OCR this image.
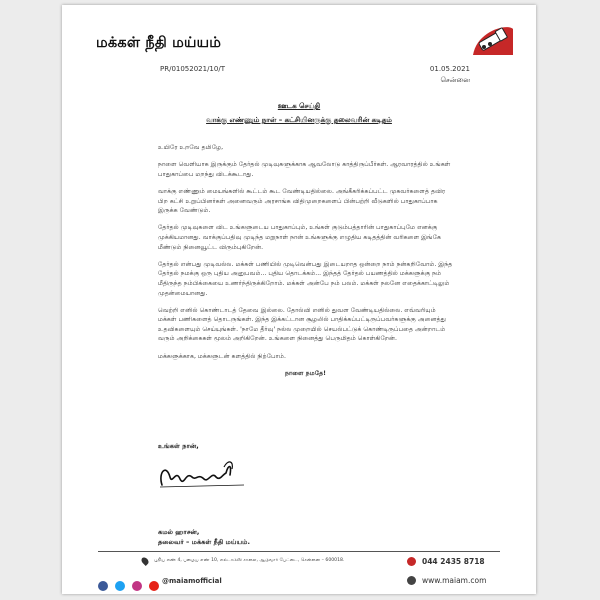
மக்கள் நீதி மய்யம்
PR/01052021/10/T	01.05.2021
சென்னை
ஊடக செய்தி
வாக்கு எண்ணும் நாள் – கட்சியினருக்கு தலைவரின் கடிதம்

உயிரே உறவே தமிழே,

நாளை வெளியாக இருக்கும் தேர்தல் முடிவுகளுக்காக ஆவலோடு காத்திருப்பீர்கள். ஆரவாரத்தில் உங்கள் பாதுகாப்பை மறந்து விடக்கூடாது.

வாக்கு எண்ணும் மையங்களில் கூட்டம் கூட வேண்டியதில்லை. அங்கீகரிக்கப்பட்ட முகவர்களைத் தவிர பிற கட்சி உறுப்பினர்கள் அனைவரும் அரசாங்க விதிமுறைகளைப் பின்பற்றி வீடுகளில் பாதுகாப்பாக இருக்க வேண்டும்.

தேர்தல் முடிவுகளை விட உங்களுடைய பாதுகாப்பும், உங்கள் குடும்பத்தாரின் பாதுகாப்புமே எனக்கு முக்கியமானது. வாக்குப்பதிவு முடிந்த மறுநாள் நான் உங்களுக்கு எழுதிய கடிதத்தின் வரிகளை இங்கே மீண்டும் நினைவூட்ட விரும்புகிறேன்.

தேர்தல் என்பது முடிவல்ல. மக்கள் பணியில் முடிவென்பது இடையறாத ஒன்றை நாம் நன்கறிவோம். இந்த தேர்தல் நமக்கு ஒரு புதிய அனுபவம்... புதிய தொடக்கம்... இந்தத் தேர்தல் பயணத்தில் மக்களுக்கு நம் மீதிருந்த நம்பிக்கையை உணர்ந்திருக்கிறோம். மக்கள் அன்பே நம் பலம். மக்கள் நலனே எதைக்காட்டிலும் முதன்மையானது.

வெற்றி எனில் கொண்டாடத் தேவை இல்லை. தோல்வி எனில் துவள வேண்டியதில்லை. எவ்வரியும் மக்கள் பணிகளைத் தொடருங்கள். இந்த இக்கட்டான சூழலில் பாதிக்கப்பட்டிருப்பவர்களுக்கு அனைத்து உதவிகளையும் செய்யுங்கள். 'நாமே தீர்வு' நல்ல முறையில் செயல்பட்டுக் கொண்டிருப்பதை அன்றாடம் வரும் அறிக்கைகள் மூலம் அறிகிறேன். உங்களை நினைத்து பெருமிதம் கொள்கிறேன்.

மக்களுக்காக, மக்களுடன் களத்தில் நிற்போம்.

நாளை நமதே!

உங்கள் நான்,
கமல் ஹாசன்,
தலைவர் – மக்கள் நீதி மய்யம்.
புதிய எண் 4, பழைய எண் 10, எல்டாம்ஸ் சாலை, ஆழ்வார் பேட்டை, சென்னை – 600018.	044 2435 8718

@maiamofficial	www.maiam.com
